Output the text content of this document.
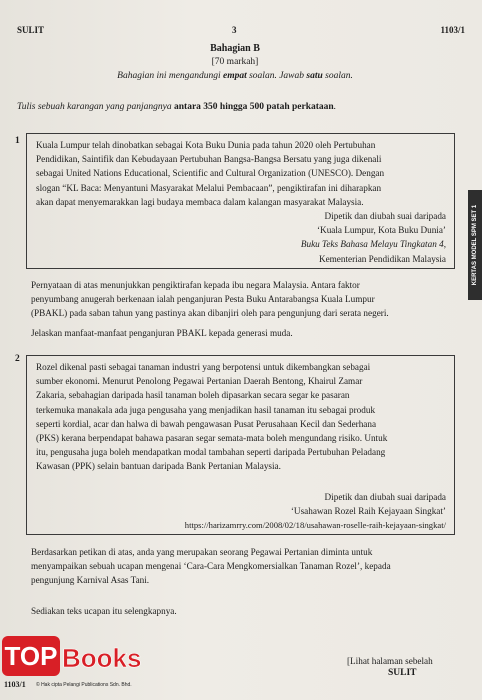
SULIT	3	1103/1
Bahagian B
[70 markah]
Bahagian ini mengandungi empat soalan. Jawab satu soalan.
Tulis sebuah karangan yang panjangnya antara 350 hingga 500 patah perkataan.
1 Kuala Lumpur telah dinobatkan sebagai Kota Buku Dunia pada tahun 2020 oleh Pertubuhan
Pendidikan, Saintifik dan Kebudayaan Pertubuhan Bangsa-Bangsa Bersatu yang juga dikenali
sebagai United Nations Educational, Scientific and Cultural Organization (UNESCO). Dengan
slogan “KL Baca: Menyantuni Masyarakat Melalui Pembacaan”, pengiktirafan ini diharapkan
akan dapat menyemarakkan lagi budaya membaca dalam kalangan masyarakat Malaysia.
Dipetik dan diubah suai daripada
‘Kuala Lumpur, Kota Buku Dunia’
Buku Teks Bahasa Melayu Tingkatan 4,
Kementerian Pendidikan Malaysia
Pernyataan di atas menunjukkan pengiktirafan kepada ibu negara Malaysia. Antara faktor
penyumbang anugerah berkenaan ialah penganjuran Pesta Buku Antarabangsa Kuala Lumpur
(PBAKL) pada saban tahun yang pastinya akan dibanjiri oleh para pengunjung dari serata negeri.
Jelaskan manfaat-manfaat penganjuran PBAKL kepada generasi muda.
2
Rozel dikenal pasti sebagai tanaman industri yang berpotensi untuk dikembangkan sebagai
sumber ekonomi. Menurut Penolong Pegawai Pertanian Daerah Bentong, Khairul Zamar
Zakaria, sebahagian daripada hasil tanaman boleh dipasarkan secara segar ke pasaran
terkemuka manakala ada juga pengusaha yang menjadikan hasil tanaman itu sebagai produk
seperti kordial, acar dan halwa di bawah pengawasan Pusat Perusahaan Kecil dan Sederhana
(PKS) kerana berpendapat bahawa pasaran segar semata-mata boleh mengundang risiko. Untuk
itu, pengusaha juga boleh mendapatkan modal tambahan seperti daripada Pertubuhan Peladang
Kawasan (PPK) selain bantuan daripada Bank Pertanian Malaysia.
Dipetik dan diubah suai daripada
‘Usahawan Rozel Raih Kejayaan Singkat’
https://harizamrry.com/2008/02/18/usahawan-roselle-raih-kejayaan-singkat/
Berdasarkan petikan di atas, anda yang merupakan seorang Pegawai Pertanian diminta untuk
menyampaikan sebuah ucapan mengenai ‘Cara-Cara Mengkomersialkan Tanaman Rozel’, kepada
pengunjung Karnival Asas Tani.
Sediakan teks ucapan itu selengkapnya.
KERTAS MODEL SPM SET 1
TOP Books
1103/1 © Hak cipta Pelangi Publications Sdn. Bhd.
[Lihat halaman sebelah
SULIT
